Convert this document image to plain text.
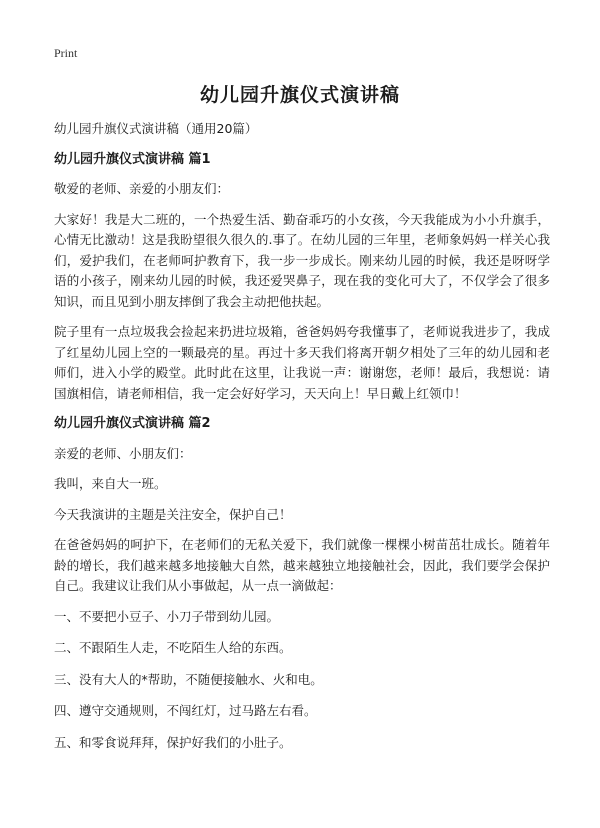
Print
幼儿园升旗仪式演讲稿

幼儿园升旗仪式演讲稿（通用20篇）

幼儿园升旗仪式演讲稿 篇1

敬爱的老师、亲爱的小朋友们：

大家好！我是大二班的，一个热爱生活、勤奋乖巧的小女孩，今天我能成为小小升旗手，心情无比激动！这是我盼望很久很久的.事了。在幼儿园的三年里，老师象妈妈一样关心我们，爱护我们，在老师呵护教育下，我一步一步成长。刚来幼儿园的时候，我还是呀呀学语的小孩子，刚来幼儿园的时候，我还爱哭鼻子，现在我的变化可大了，不仅学会了很多知识，而且见到小朋友摔倒了我会主动把他扶起。

院子里有一点垃圾我会捡起来扔进垃圾箱，爸爸妈妈夸我懂事了，老师说我进步了，我成了红星幼儿园上空的一颗最亮的星。再过十多天我们将离开朝夕相处了三年的幼儿园和老师们，进入小学的殿堂。此时此在这里，让我说一声：谢谢您，老师！最后，我想说：请国旗相信，请老师相信，我一定会好好学习，天天向上！早日戴上红领巾！

幼儿园升旗仪式演讲稿 篇2

亲爱的老师、小朋友们：

我叫，来自大一班。

今天我演讲的主题是关注安全，保护自己！

在爸爸妈妈的呵护下，在老师们的无私关爱下，我们就像一棵棵小树苗茁壮成长。随着年龄的增长，我们越来越多地接触大自然，越来越独立地接触社会，因此，我们要学会保护自己。我建议让我们从小事做起，从一点一滴做起：

一、不要把小豆子、小刀子带到幼儿园。

二、不跟陌生人走，不吃陌生人给的东西。

三、没有大人的*帮助，不随便接触水、火和电。

四、遵守交通规则，不闯红灯，过马路左右看。

五、和零食说拜拜，保护好我们的小肚子。
